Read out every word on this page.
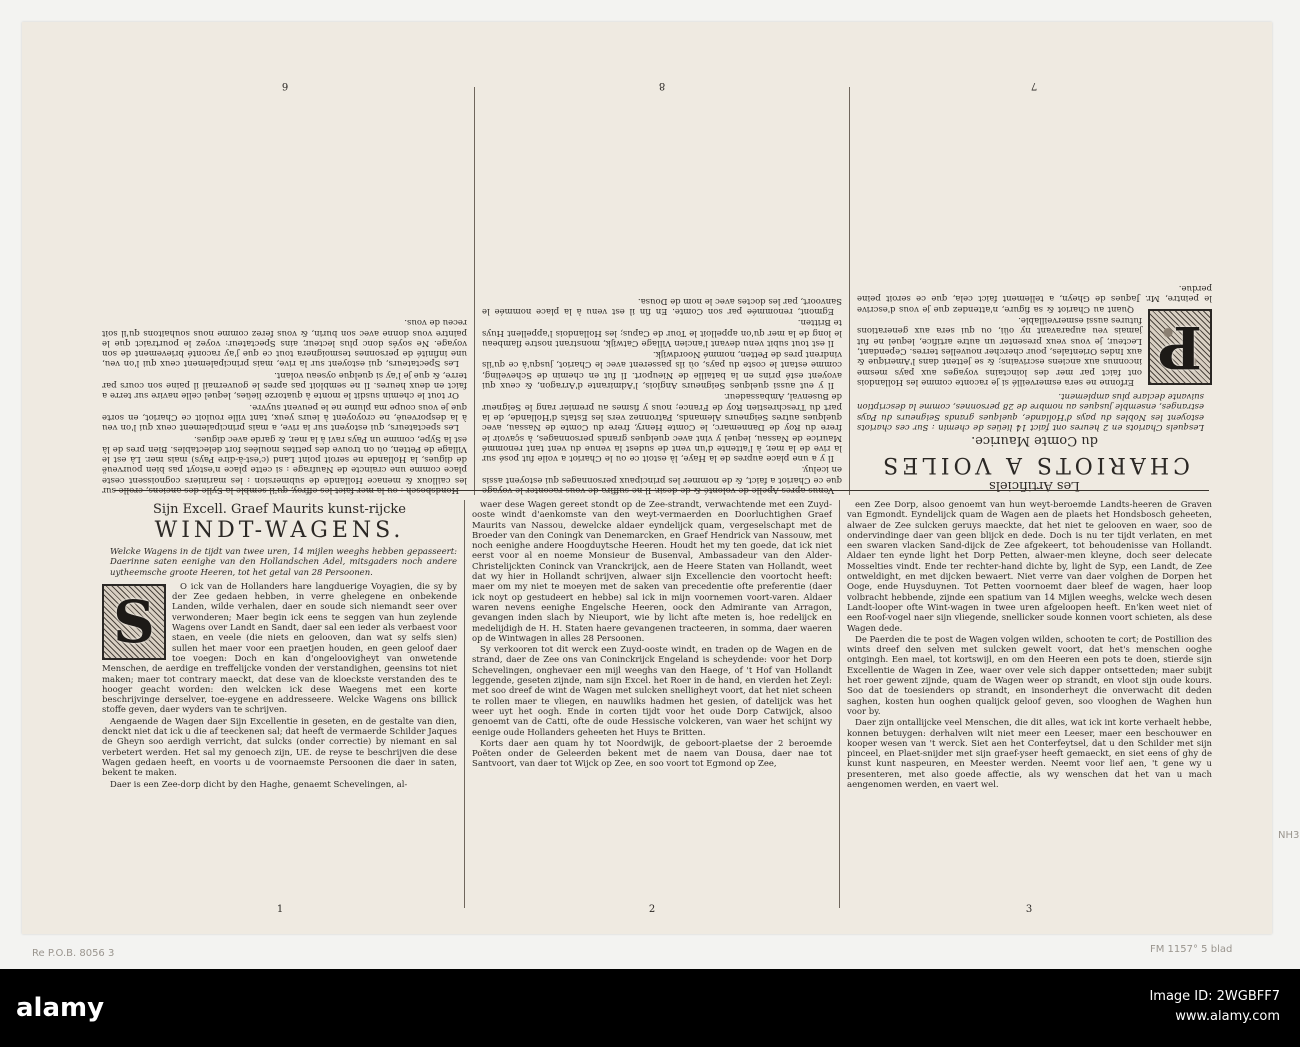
Les Artificiels
CHARIOTS A VOILES
du Comte Maurice.

Lesquels Chariots en 2 heures ont faict 14 lieües de chemin : Sur ces chariots estoyent les Nobles du pays d'Hollande, quelques grands Seigneurs du Pays estranges, ensemble jusques au nombre de 28 personnes, comme la description suivante declare plus amplement.

P

Erfonne ne sera esmerveillé si je raconte comme les Hollandois ont faict par mer des loinctains voyages aux pays mesme inconnus aux anciens escrivains; & se jettent dans l'Amerique & aux Indes Orientales, pour chercher nouvelles terres. Cependant, Lecteur, je vous veux presenter un autre artifice, lequel ne fut jamais veu auparavant ny oüi, ou qui sera aux generations futures aussi esmerveillable.

Quant au Chariot & sa figure, n'attendez que je vous d'escrive le peintre, Mr. Jaques de Gheyn, a tellement faict cela, que ce seroit peine perdue.

7

Venus apres Apelle de volonté & de desir. Il ne suffira de vous raconter le voyage que ce Chariot a faict, & de nommer les principaux personnages qui estoyent assis en iceluy.

Il y a une place aupres de la Haye, là estoit ce ou le Chariot a voile fut posé sur la rive de la mer, à l'attente d'un vent de sudest la venue du vent tant renommé Maurice de Nassau, lequel y vint avec quelques grands personnages, à sçavoir le frere du Roy de Dannemarc, le Comte Henry, frere du Comte de Nassau, avec quelques autres Seigneurs Alemands, Patronnez vers les Estats d'Hollande, de la part du Treschrestien Roy de France; nous y fismes au premier rang le Seigneur de Busenval, Ambassadeur.

Il y eut aussi quelques Seigneurs Anglois, l'Admirante d'Arragon, & ceux qui avoyent esté prins en la bataille de Nieuport. Il fut en chemin de Scheveling, comme estant le coste du pays, où ils passerent avec le Chariot, jusqu'à ce qu'ils vindrent pres de Petten, nommé Noordwijk.

Il est tout subit venu devant l'ancien Village Catwijk, monstrant nostre flambeau le long de la mer qu'on appelloit le Tour de Capus; les Hollandois l'appellent Huys te Britten.

Egmont, renommée par son Comte. En fin il est venu à la place nommée le Sanvoort, par les doctes avec le nom de Dousa.

8

Hondsbosch : ou la mer faict les effroy, qu'il semble la Sylle des anciens, crolle sur les cailloux & menace Hollande de submersion : les mariniers cognoissent ceste place comme une craincte de Naufrage : si cette place n'estoyt pas bien pourveuë de digues, la Hollande ne seroit point Land (c'est-à-dire Pays) mais mer. Là est le Village de Petten, où on trouve des petites moulées fort delectables. Bien pres de là est la Sype, comme un Pays ravi à la mer, & garde avec digues.

Les spectateurs, qui estoyent sur la rive, a mais principalement ceux qui l'on veu à la desporveuë, ne croyoyent à leurs yeux, tant ville rouloit ce Chariot, en sorte que je vous coupe ma plume ne le peuvent suyvre.

Or tout le chemin susdit le monte à quatorze lieües, lequel celle navire sur terre a faict en deux heures. Il ne sembloit pas apres le gouvernail il paine son cours par terre, & que je l'ay si quelque oyseau volant.

Les Spectateurs, qui estoyent sur la rive, mais principalement ceux qui l'on veu, une infinité de personnes tesmoignera tout ce que j'ay raconté brievement de son voyage. Ne soyés donc plus lecteur, ains Spectateur: voyez le pourtraict que le paintre vous donne avec son burin, & vous ferez comme nous souhaitons qu'il soit receu de vous.

6
Sijn Excell. Graef Maurits kunst-rijcke
WINDT-WAGENS.

Welcke Wagens in de tijdt van twee uren, 14 mijlen weeghs hebben gepasseert: Daerinne saten eenighe van den Hollandschen Adel, mitsgaders noch andere uytheemsche groote Heeren, tot het getal van 28 Persoonen.

S

O ick van de Hollanders hare langduerige Voyagien, die sy by der Zee gedaen hebben, in verre ghelegene en onbekende Landen, wilde verhalen, daer en soude sich niemandt seer over verwonderen; Maer begin ick eens te seggen van hun zeylende Wagens over Landt en Sandt, daer sal een ieder als verbaest voor staen, en veele (die niets en gelooven, dan wat sy selfs sien) sullen het maer voor een praetjen houden, en geen geloof daer toe voegen: Doch en kan d'ongeloovigheyt van onwetende Menschen, de aerdige en treffelijcke vonden der verstandighen, geensins tot niet maken; maer tot contrary maeckt, dat dese van de kloeckste verstanden des te hooger geacht worden: den welcken ick dese Waegens met een korte beschrijvinge derselver, toe-eygene en addresseere. Welcke Wagens ons billick stoffe geven, daer wyders van te schrijven.

Aengaende de Wagen daer Sijn Excellentie in geseten, en de gestalte van dien, denckt niet dat ick u die af teeckenen sal; dat heeft de vermaerde Schilder Jaques de Gheyn soo aerdigh verricht, dat sulcks (onder correctie) by niemant en sal verbetert werden. Het sal my genoech zijn, UE. de reyse te beschrijven die dese Wagen gedaen heeft, en voorts u de voornaemste Persoonen die daer in saten, bekent te maken.

Daer is een Zee-dorp dicht by den Haghe, genaemt Schevelingen, al-

1

waer dese Wagen gereet stondt op de Zee-strandt, verwachtende met een Zuyd-ooste windt d'aenkomste van den weyt-vermaerden en Doorluchtighen Graef Maurits van Nassou, dewelcke aldaer eyndelijck quam, vergeselschapt met de Broeder van den Coningk van Denemarcken, en Graef Hendrick van Nassouw, met noch eenighe andere Hoogduytsche Heeren. Houdt het my ten goede, dat ick niet eerst voor al en noeme Monsieur de Busenval, Ambassadeur van den Alder-Christelijckten Coninck van Vranckrijck, aen de Heere Staten van Hollandt, weet dat wy hier in Hollandt schrijven, alwaer sijn Excellencie den voortocht heeft: maer om my niet te moeyen met de saken van precedentie ofte preferentie (daer ick noyt op gestudeert en hebbe) sal ick in mijn voornemen voort-varen. Aldaer waren nevens eenighe Engelsche Heeren, oock den Admirante van Arragon, gevangen inden slach by Nieuport, wie by licht afte meten is, hoe redelijck en medelijdigh de H. H. Staten haere gevangenen tracteeren, in somma, daer waeren op de Wintwagen in alles 28 Persoonen.

Sy verkooren tot dit werck een Zuyd-ooste windt, en traden op de Wagen en de strand, daer de Zee ons van Coninckrijck Engeland is scheydende: voor het Dorp Schevelingen, onghevaer een mijl weeghs van den Haege, of 't Hof van Hollandt leggende, geseten zijnde, nam sijn Excel. het Roer in de hand, en vierden het Zeyl: met soo dreef de wint de Wagen met sulcken snelligheyt voort, dat het niet scheen te rollen maer te vliegen, en nauwliks hadmen het gesien, of datelijck was het weer uyt het oogh. Ende in corten tijdt voor het oude Dorp Catwijck, alsoo genoemt van de Catti, ofte de oude Hessische volckeren, van waer het schijnt wy eenige oude Hollanders geheeten het Huys te Britten.

Korts daer aen quam hy tot Noordwijk, de geboort-plaetse der 2 beroemde Poëten onder de Geleerden bekent met de naem van Dousa, daer nae tot Santvoort, van daer tot Wijck op Zee, en soo voort tot Egmond op Zee,

2

een Zee Dorp, alsoo genoemt van hun weyt-beroemde Landts-heeren de Graven van Egmondt. Eyndelijck quam de Wagen aen de plaets het Hondsbosch geheeten, alwaer de Zee sulcken geruys maeckte, dat het niet te gelooven en waer, soo de ondervindinge daer van geen blijck en dede. Doch is nu ter tijdt verlaten, en met een swaren vlacken Sand-dijck de Zee afgekeert, tot behoudenisse van Hollandt. Aldaer ten eynde light het Dorp Petten, alwaer-men kleyne, doch seer delecate Mosselties vindt. Ende ter rechter-hand dichte by, light de Syp, een Landt, de Zee ontweldight, en met dijcken bewaert. Niet verre van daer volghen de Dorpen het Ooge, ende Huysduynen. Tot Petten voornoemt daer bleef de wagen, haer loop volbracht hebbende, zijnde een spatium van 14 Mijlen weeghs, welcke wech desen Landt-looper ofte Wint-wagen in twee uren afgeloopen heeft. En'ken weet niet of een Roof-vogel naer sijn vliegende, snellicker soude konnen voort schieten, als dese Wagen dede.

De Paerden die te post de Wagen volgen wilden, schooten te cort; de Postillion des wints dreef den selven met sulcken gewelt voort, dat het's menschen ooghe ontgingh. Een mael, tot kortswijl, en om den Heeren een pots te doen, stierde sijn Excellentie de Wagen in Zee, waer over vele sich dapper ontsetteden; maer subijt het roer gewent zijnde, quam de Wagen weer op strandt, en vloot sijn oude kours. Soo dat de toesienders op strandt, en insonderheyt die onverwacht dit deden saghen, kosten hun ooghen qualijck geloof geven, soo vlooghen de Waghen hun voor by.

Daer zijn ontallijcke veel Menschen, die dit alles, wat ick int korte verhaelt hebbe, konnen betuygen: derhalven wilt niet meer een Leeser, maer een beschouwer en kooper wesen van 't werck. Siet aen het Conterfeytsel, dat u den Schilder met sijn pinceel, en Plaet-snijder met sijn graef-yser heeft gemaeckt, en siet eens of ghy de kunst kunt naspeuren, en Meester werden. Neemt voor lief aen, 't gene wy u presenteren, met also goede affectie, als wy wenschen dat het van u mach aengenomen werden, en vaert wel.

3
Re P.O.B. 8056 3	FM 1157° 5 blad
NH3
alamy	Image ID: 2WGBFF7
www.alamy.com
